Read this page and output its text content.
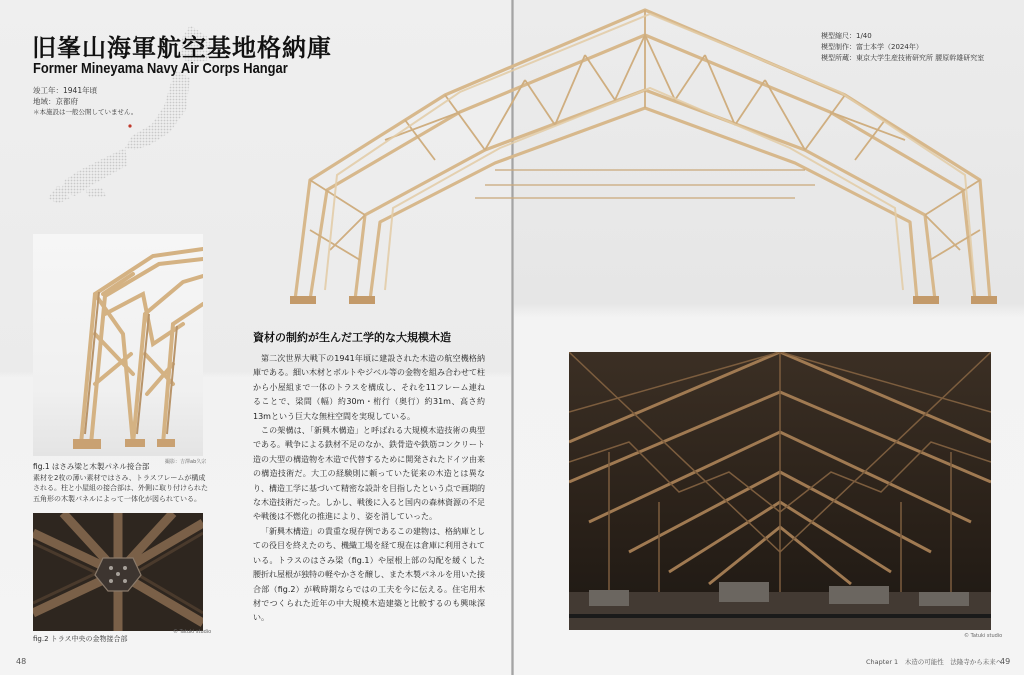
旧峯山海軍航空基地格納庫
Former Mineyama Navy Air Corps Hangar
竣工年：1941年頃
地域：京都府
＊本施設は一般公開していません。
撮影：吉澤ab久宗
fig.1 はさみ梁と木製パネル接合部
素材を2枚の薄い素材ではさみ、トラスフレームが構成される。柱と小屋組の接合部は、外側に取り付けられた五角形の木製パネルによって一体化が図られている。
fig.2 トラス中央の金物接合部
© Tatuki studio
48
模型縮尺：1/40
模型制作：富士本学（2024年）
模型所蔵：東京大学生産技術研究所 腰原幹雄研究室
© Tatuki studio
Chapter 1　木造の可能性　法隆寺から未来へ
49
資材の制約が生んだ工学的な大規模木造

第二次世界大戦下の1941年頃に建設された木造の航空機格納庫である。細い木材とボルトやジベル等の金物を組み合わせて柱から小屋組まで一体のトラスを構成し、それを11フレーム連ねることで、梁間（幅）約30m・桁行（奥行）約31m、高さ約13mという巨大な無柱空間を実現している。

この架構は、「新興木構造」と呼ばれる大規模木造技術の典型である。戦争による鉄材不足のなか、鉄骨造や鉄筋コンクリート造の大型の構造物を木造で代替するために開発されたドイツ由来の構造技術だ。大工の経験則に頼っていた従来の木造とは異なり、構造工学に基づいて精密な設計を目指したという点で画期的な木造技術だった。しかし、戦後に入ると国内の森林資源の不足や戦後は不燃化の推進により、姿を消していった。

「新興木構造」の貴重な現存例であるこの建物は、格納庫としての役目を終えたのち、機織工場を経て現在は倉庫に利用されている。トラスのはさみ梁（fig.1）や屋根上部の勾配を緩くした腰折れ屋根が独特の軽やかさを醸し、また木製パネルを用いた接合部（fig.2）が戦時期ならではの工夫を今に伝える。住宅用木材でつくられた近年の中大規模木造建築と比較するのも興味深い。
